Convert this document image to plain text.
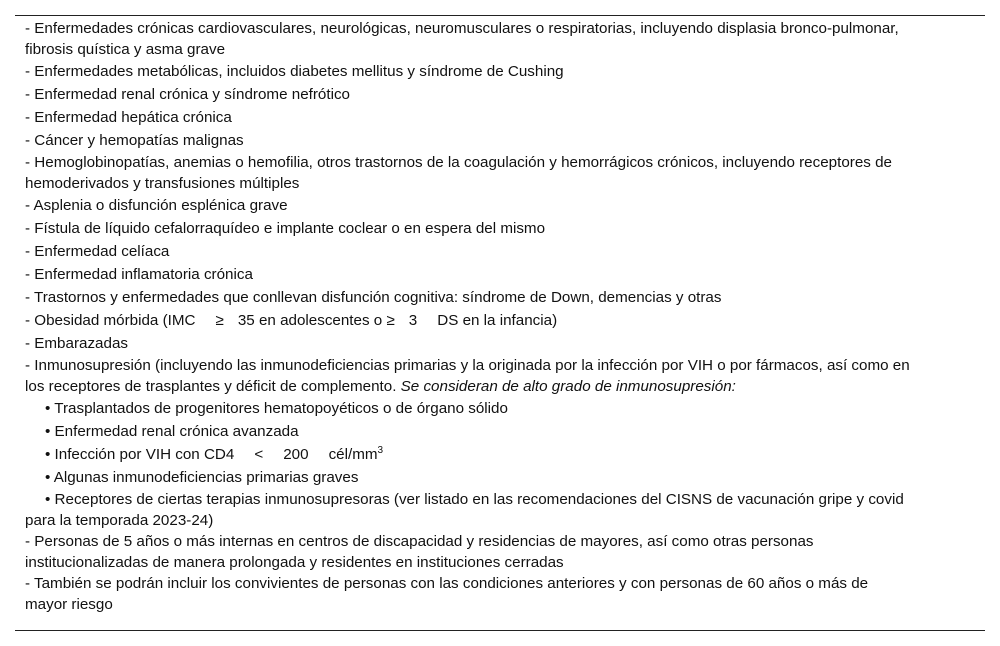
- Enfermedades crónicas cardiovasculares, neurológicas, neuromusculares o respiratorias, incluyendo displasia bronco-pulmonar,
fibrosis quística y asma grave

- Enfermedades metabólicas, incluidos diabetes mellitus y síndrome de Cushing

- Enfermedad renal crónica y síndrome nefrótico

- Enfermedad hepática crónica

- Cáncer y hemopatías malignas

- Hemoglobinopatías, anemias o hemofilia, otros trastornos de la coagulación y hemorrágicos crónicos, incluyendo receptores de
hemoderivados y transfusiones múltiples

- Asplenia o disfunción esplénica grave

- Fístula de líquido cefalorraquídeo e implante coclear o en espera del mismo

- Enfermedad celíaca

- Enfermedad inflamatoria crónica

- Trastornos y enfermedades que conllevan disfunción cognitiva: síndrome de Down, demencias y otras

- Obesidad mórbida (IMC ≥ 35 en adolescentes o ≥ 3 DS en la infancia)

- Embarazadas

- Inmunosupresión (incluyendo las inmunodeficiencias primarias y la originada por la infección por VIH o por fármacos, así como en
los receptores de trasplantes y déficit de complemento. Se consideran de alto grado de inmunosupresión:

• Trasplantados de progenitores hematopoyéticos o de órgano sólido

• Enfermedad renal crónica avanzada

• Infección por VIH con CD4 < 200 cél/$mm^3$

• Algunas inmunodeficiencias primarias graves

• Receptores de ciertas terapias inmunosupresoras (ver listado en las recomendaciones del CISNS de vacunación gripe y covid
para la temporada 2023-24)

- Personas de 5 años o más internas en centros de discapacidad y residencias de mayores, así como otras personas
institucionalizadas de manera prolongada y residentes en instituciones cerradas

- También se podrán incluir los convivientes de personas con las condiciones anteriores y con personas de 60 años o más de
mayor riesgo
